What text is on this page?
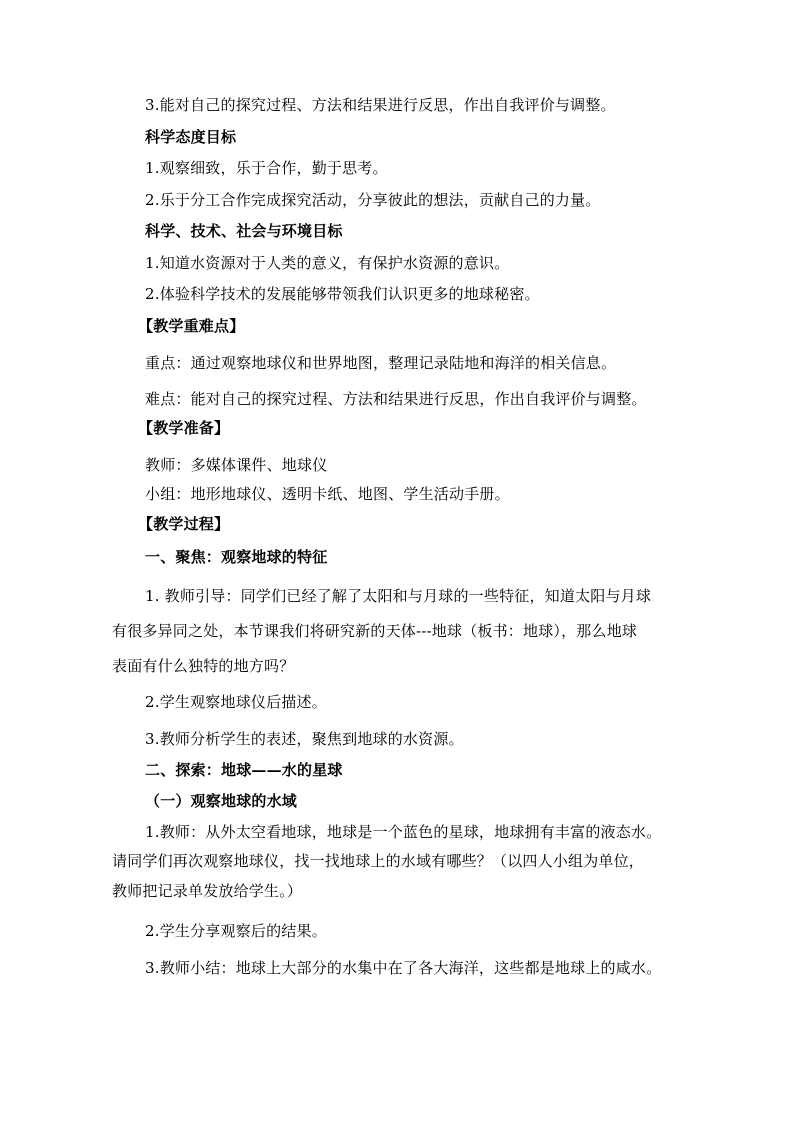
3.能对自己的探究过程、方法和结果进行反思，作出自我评价与调整。
科学态度目标
1.观察细致，乐于合作，勤于思考。
2.乐于分工合作完成探究活动，分享彼此的想法，贡献自己的力量。
科学、技术、社会与环境目标
1.知道水资源对于人类的意义，有保护水资源的意识。
2.体验科学技术的发展能够带领我们认识更多的地球秘密。
【教学重难点】
重点：通过观察地球仪和世界地图，整理记录陆地和海洋的相关信息。
难点：能对自己的探究过程、方法和结果进行反思，作出自我评价与调整。
【教学准备】
教师：多媒体课件、地球仪
小组：地形地球仪、透明卡纸、地图、学生活动手册。
【教学过程】
一、聚焦：观察地球的特征
1. 教师引导：同学们已经了解了太阳和与月球的一些特征，知道太阳与月球
有很多异同之处，本节课我们将研究新的天体---地球（板书：地球），那么地球
表面有什么独特的地方吗？
2.学生观察地球仪后描述。
3.教师分析学生的表述，聚焦到地球的水资源。
二、探索：地球——水的星球
（一）观察地球的水域
1.教师：从外太空看地球，地球是一个蓝色的星球，地球拥有丰富的液态水。
请同学们再次观察地球仪，找一找地球上的水域有哪些？（以四人小组为单位，
教师把记录单发放给学生。）
2.学生分享观察后的结果。
3.教师小结：地球上大部分的水集中在了各大海洋，这些都是地球上的咸水。
